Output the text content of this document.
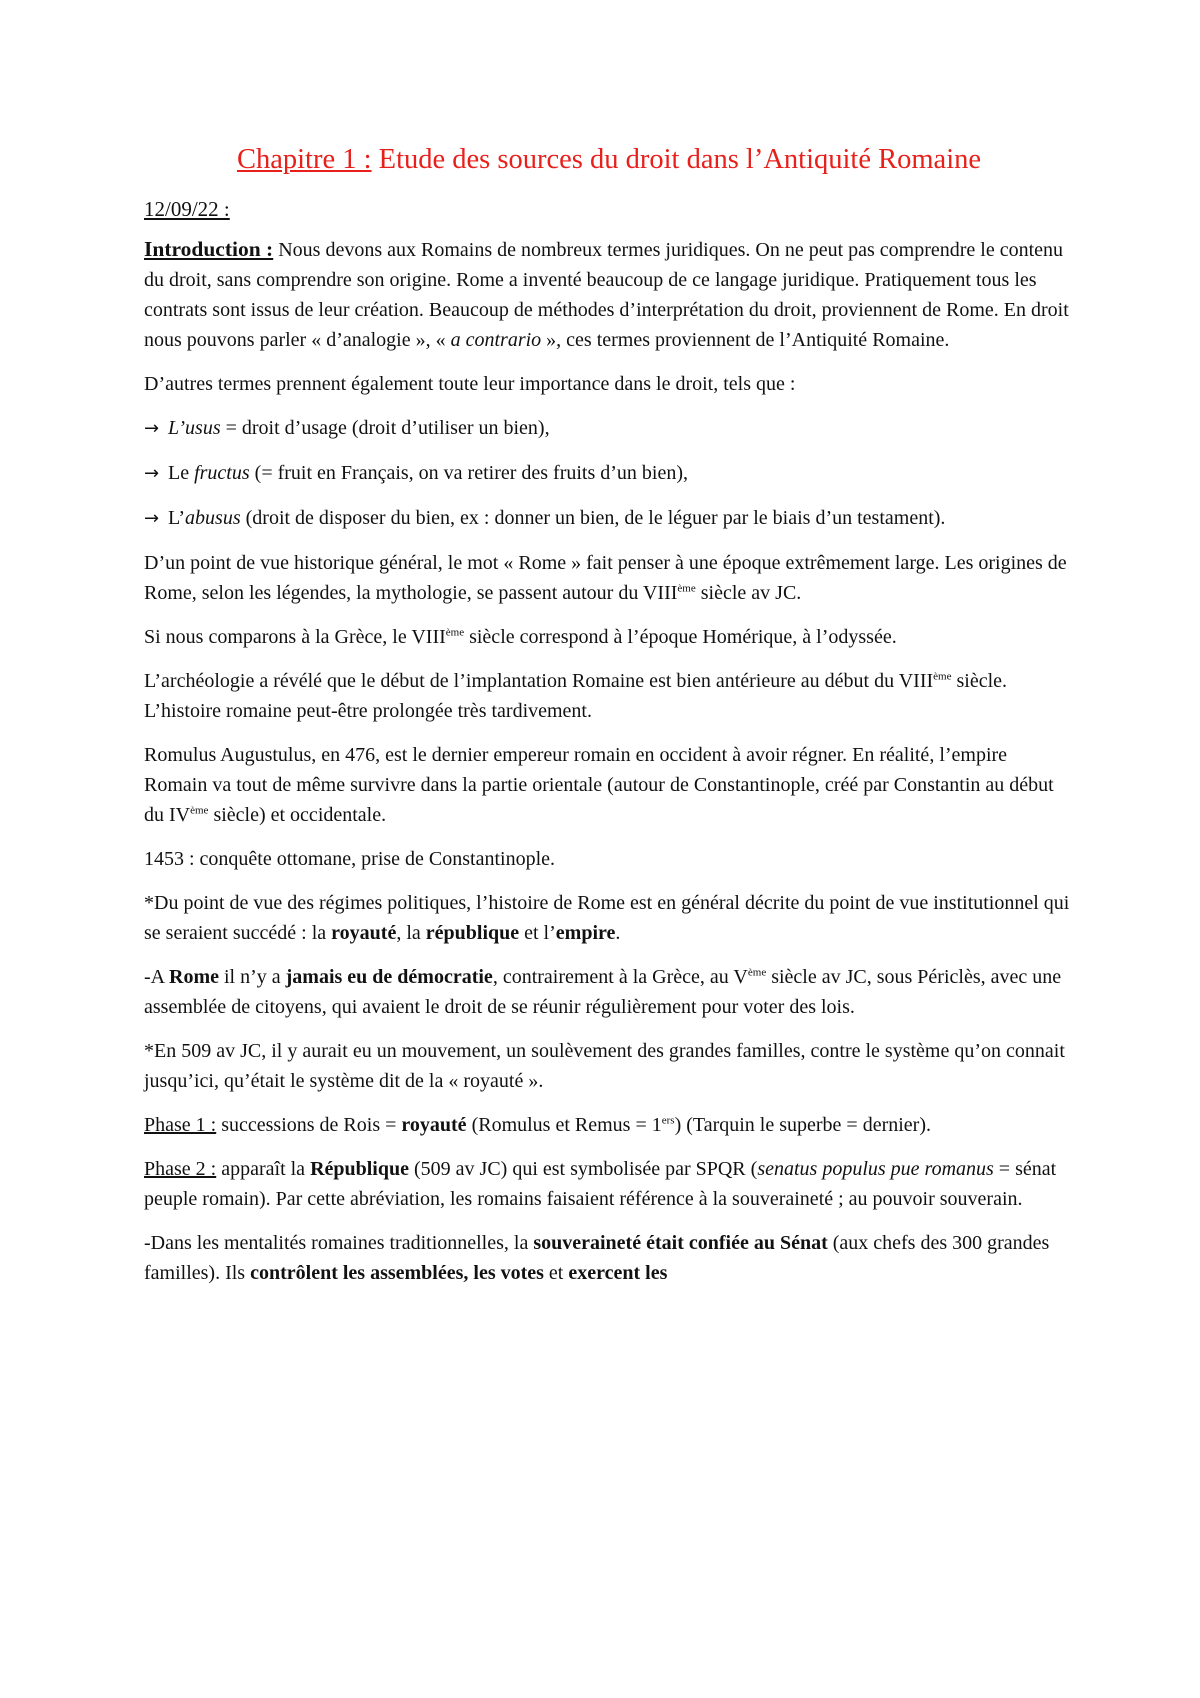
Chapitre 1 : Etude des sources du droit dans l’Antiquité Romaine
12/09/22 :

Introduction : Nous devons aux Romains de nombreux termes juridiques. On ne peut pas comprendre le contenu du droit, sans comprendre son origine. Rome a inventé beaucoup de ce langage juridique. Pratiquement tous les contrats sont issus de leur création. Beaucoup de méthodes d’interprétation du droit, proviennent de Rome. En droit nous pouvons parler « d’analogie », « a contrario », ces termes proviennent de l’Antiquité Romaine.

D’autres termes prennent également toute leur importance dans le droit, tels que :

→ L’usus = droit d’usage (droit d’utiliser un bien),

→ Le fructus (= fruit en Français, on va retirer des fruits d’un bien),

→ L’abusus (droit de disposer du bien, ex : donner un bien, de le léguer par le biais d’un testament).

D’un point de vue historique général, le mot « Rome » fait penser à une époque extrêmement large. Les origines de Rome, selon les légendes, la mythologie, se passent autour du VIIIème siècle av JC.

Si nous comparons à la Grèce, le VIIIème siècle correspond à l’époque Homérique, à l’odyssée.

L’archéologie a révélé que le début de l’implantation Romaine est bien antérieure au début du VIIIème siècle. L’histoire romaine peut-être prolongée très tardivement.

Romulus Augustulus, en 476, est le dernier empereur romain en occident à avoir régner. En réalité, l’empire Romain va tout de même survivre dans la partie orientale (autour de Constantinople, créé par Constantin au début du IVème siècle) et occidentale.

1453 : conquête ottomane, prise de Constantinople.

*Du point de vue des régimes politiques, l’histoire de Rome est en général décrite du point de vue institutionnel qui se seraient succédé : la royauté, la république et l’empire.

-A Rome il n’y a jamais eu de démocratie, contrairement à la Grèce, au Vème siècle av JC, sous Périclès, avec une assemblée de citoyens, qui avaient le droit de se réunir régulièrement pour voter des lois.

*En 509 av JC, il y aurait eu un mouvement, un soulèvement des grandes familles, contre le système qu’on connait jusqu’ici, qu’était le système dit de la « royauté ».

Phase 1 : successions de Rois = royauté (Romulus et Remus = 1ers) (Tarquin le superbe = dernier).

Phase 2 : apparaît la République (509 av JC) qui est symbolisée par SPQR (senatus populus pue romanus = sénat peuple romain). Par cette abréviation, les romains faisaient référence à la souveraineté ; au pouvoir souverain.

-Dans les mentalités romaines traditionnelles, la souveraineté était confiée au Sénat (aux chefs des 300 grandes familles). Ils contrôlent les assemblées, les votes et exercent les
